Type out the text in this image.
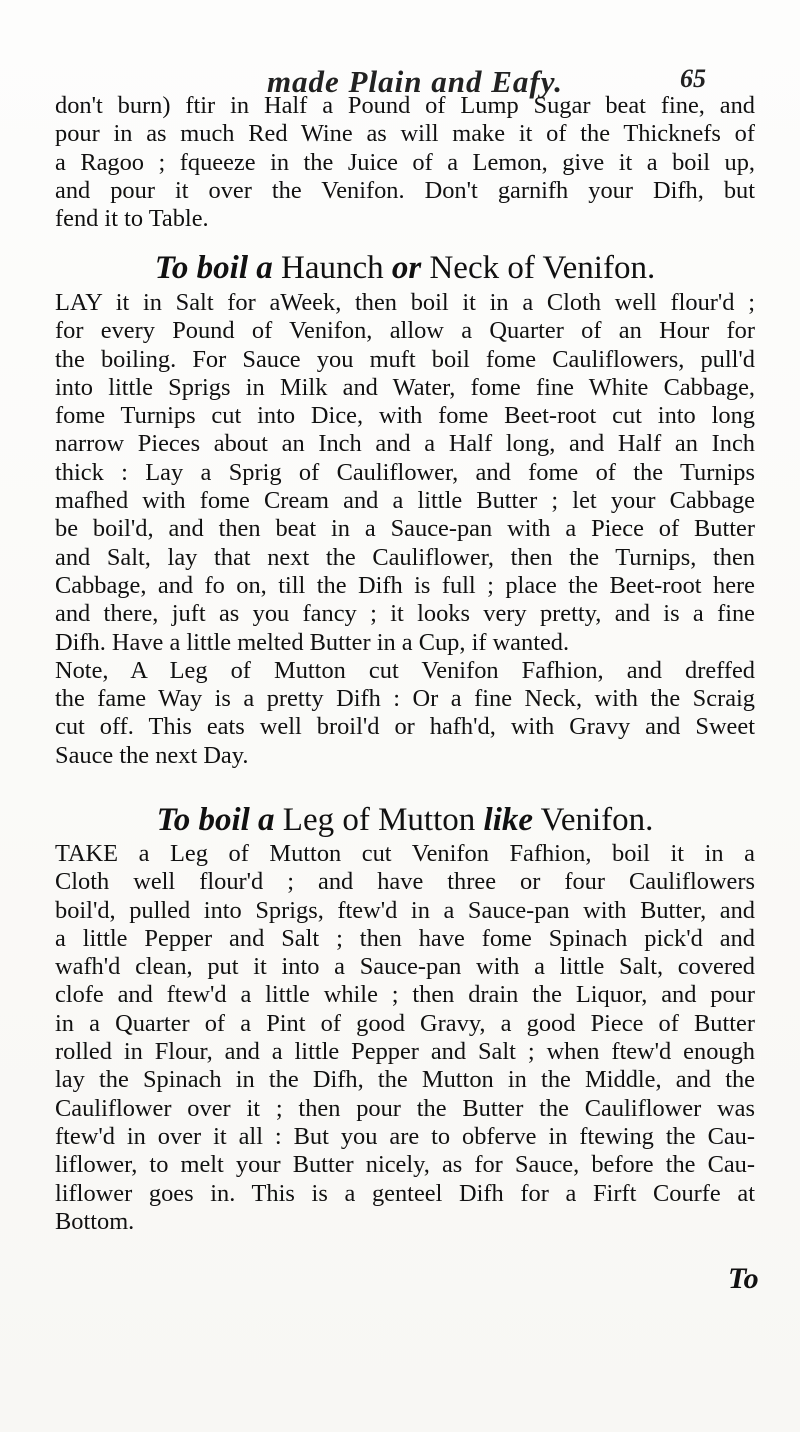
made Plain and Eafy.	65
don't burn) ftir in Half a Pound of Lump Sugar beat fine, and
pour in as much Red Wine as will make it of the Thicknefs of
a Ragoo ; fqueeze in the Juice of a Lemon, give it a boil up,
and pour it over the Venifon. Don't garnifh your Difh, but
fend it to Table.
To boil a Haunch or Neck of Venifon.
LAY it in Salt for aWeek, then boil it in a Cloth well flour'd ;
for every Pound of Venifon, allow a Quarter of an Hour for
the boiling. For Sauce you muft boil fome Cauliflowers, pull'd
into little Sprigs in Milk and Water, fome fine White Cabbage,
fome Turnips cut into Dice, with fome Beet-root cut into long
narrow Pieces about an Inch and a Half long, and Half an Inch
thick : Lay a Sprig of Cauliflower, and fome of the Turnips
mafhed with fome Cream and a little Butter ; let your Cabbage
be boil'd, and then beat in a Sauce-pan with a Piece of Butter
and Salt, lay that next the Cauliflower, then the Turnips, then
Cabbage, and fo on, till the Difh is full ; place the Beet-root here
and there, juft as you fancy ; it looks very pretty, and is a fine
Difh. Have a little melted Butter in a Cup, if wanted.
Note, A Leg of Mutton cut Venifon Fafhion, and dreffed
the fame Way is a pretty Difh : Or a fine Neck, with the Scraig
cut off. This eats well broil'd or hafh'd, with Gravy and Sweet
Sauce the next Day.
To boil a Leg of Mutton like Venifon.
TAKE a Leg of Mutton cut Venifon Fafhion, boil it in a
Cloth well flour'd ; and have three or four Cauliflowers
boil'd, pulled into Sprigs, ftew'd in a Sauce-pan with Butter, and
a little Pepper and Salt ; then have fome Spinach pick'd and
wafh'd clean, put it into a Sauce-pan with a little Salt, covered
clofe and ftew'd a little while ; then drain the Liquor, and pour
in a Quarter of a Pint of good Gravy, a good Piece of Butter
rolled in Flour, and a little Pepper and Salt ; when ftew'd enough
lay the Spinach in the Difh, the Mutton in the Middle, and the
Cauliflower over it ; then pour the Butter the Cauliflower was
ftew'd in over it all : But you are to obferve in ftewing the Cau-
liflower, to melt your Butter nicely, as for Sauce, before the Cau-
liflower goes in. This is a genteel Difh for a Firft Courfe at
Bottom.
To
